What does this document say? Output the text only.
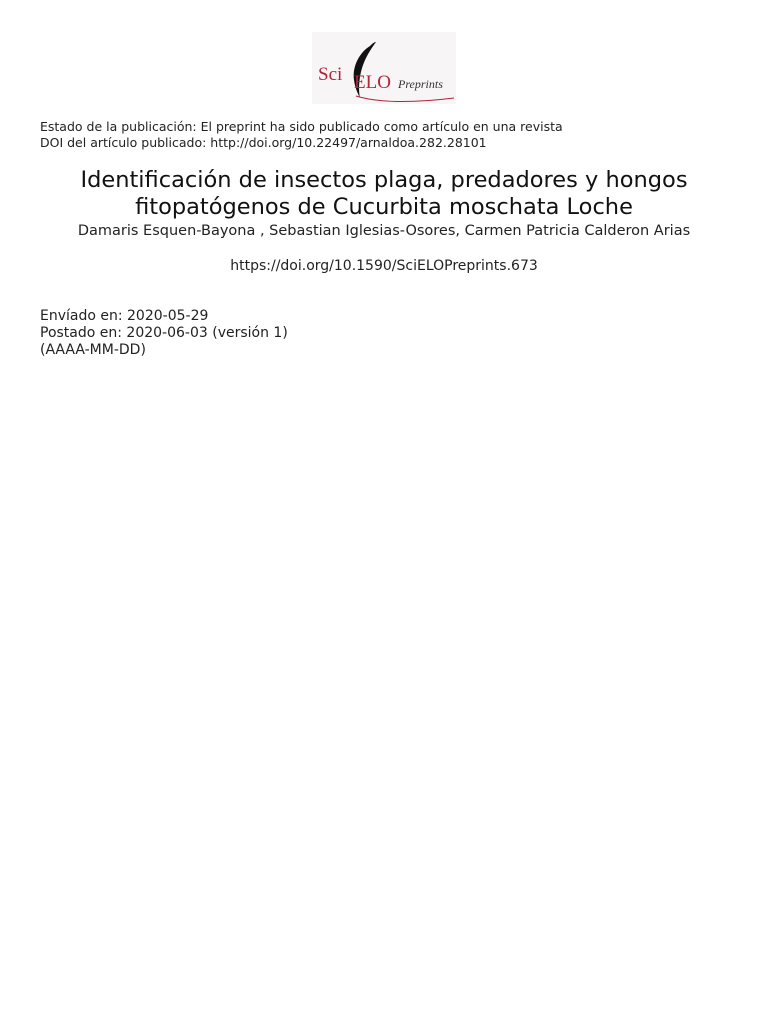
Sci ELO Preprints
Estado de la publicación: El preprint ha sido publicado como artículo en una revista
DOI del artículo publicado: http://doi.org/10.22497/arnaldoa.282.28101
Identificación de insectos plaga, predadores y hongos fitopatógenos de Cucurbita moschata Loche
Damaris Esquen-Bayona , Sebastian Iglesias-Osores, Carmen Patricia Calderon Arias
https://doi.org/10.1590/SciELOPreprints.673
Envíado en: 2020-05-29
Postado en: 2020-06-03 (versión 1)
(AAAA-MM-DD)
